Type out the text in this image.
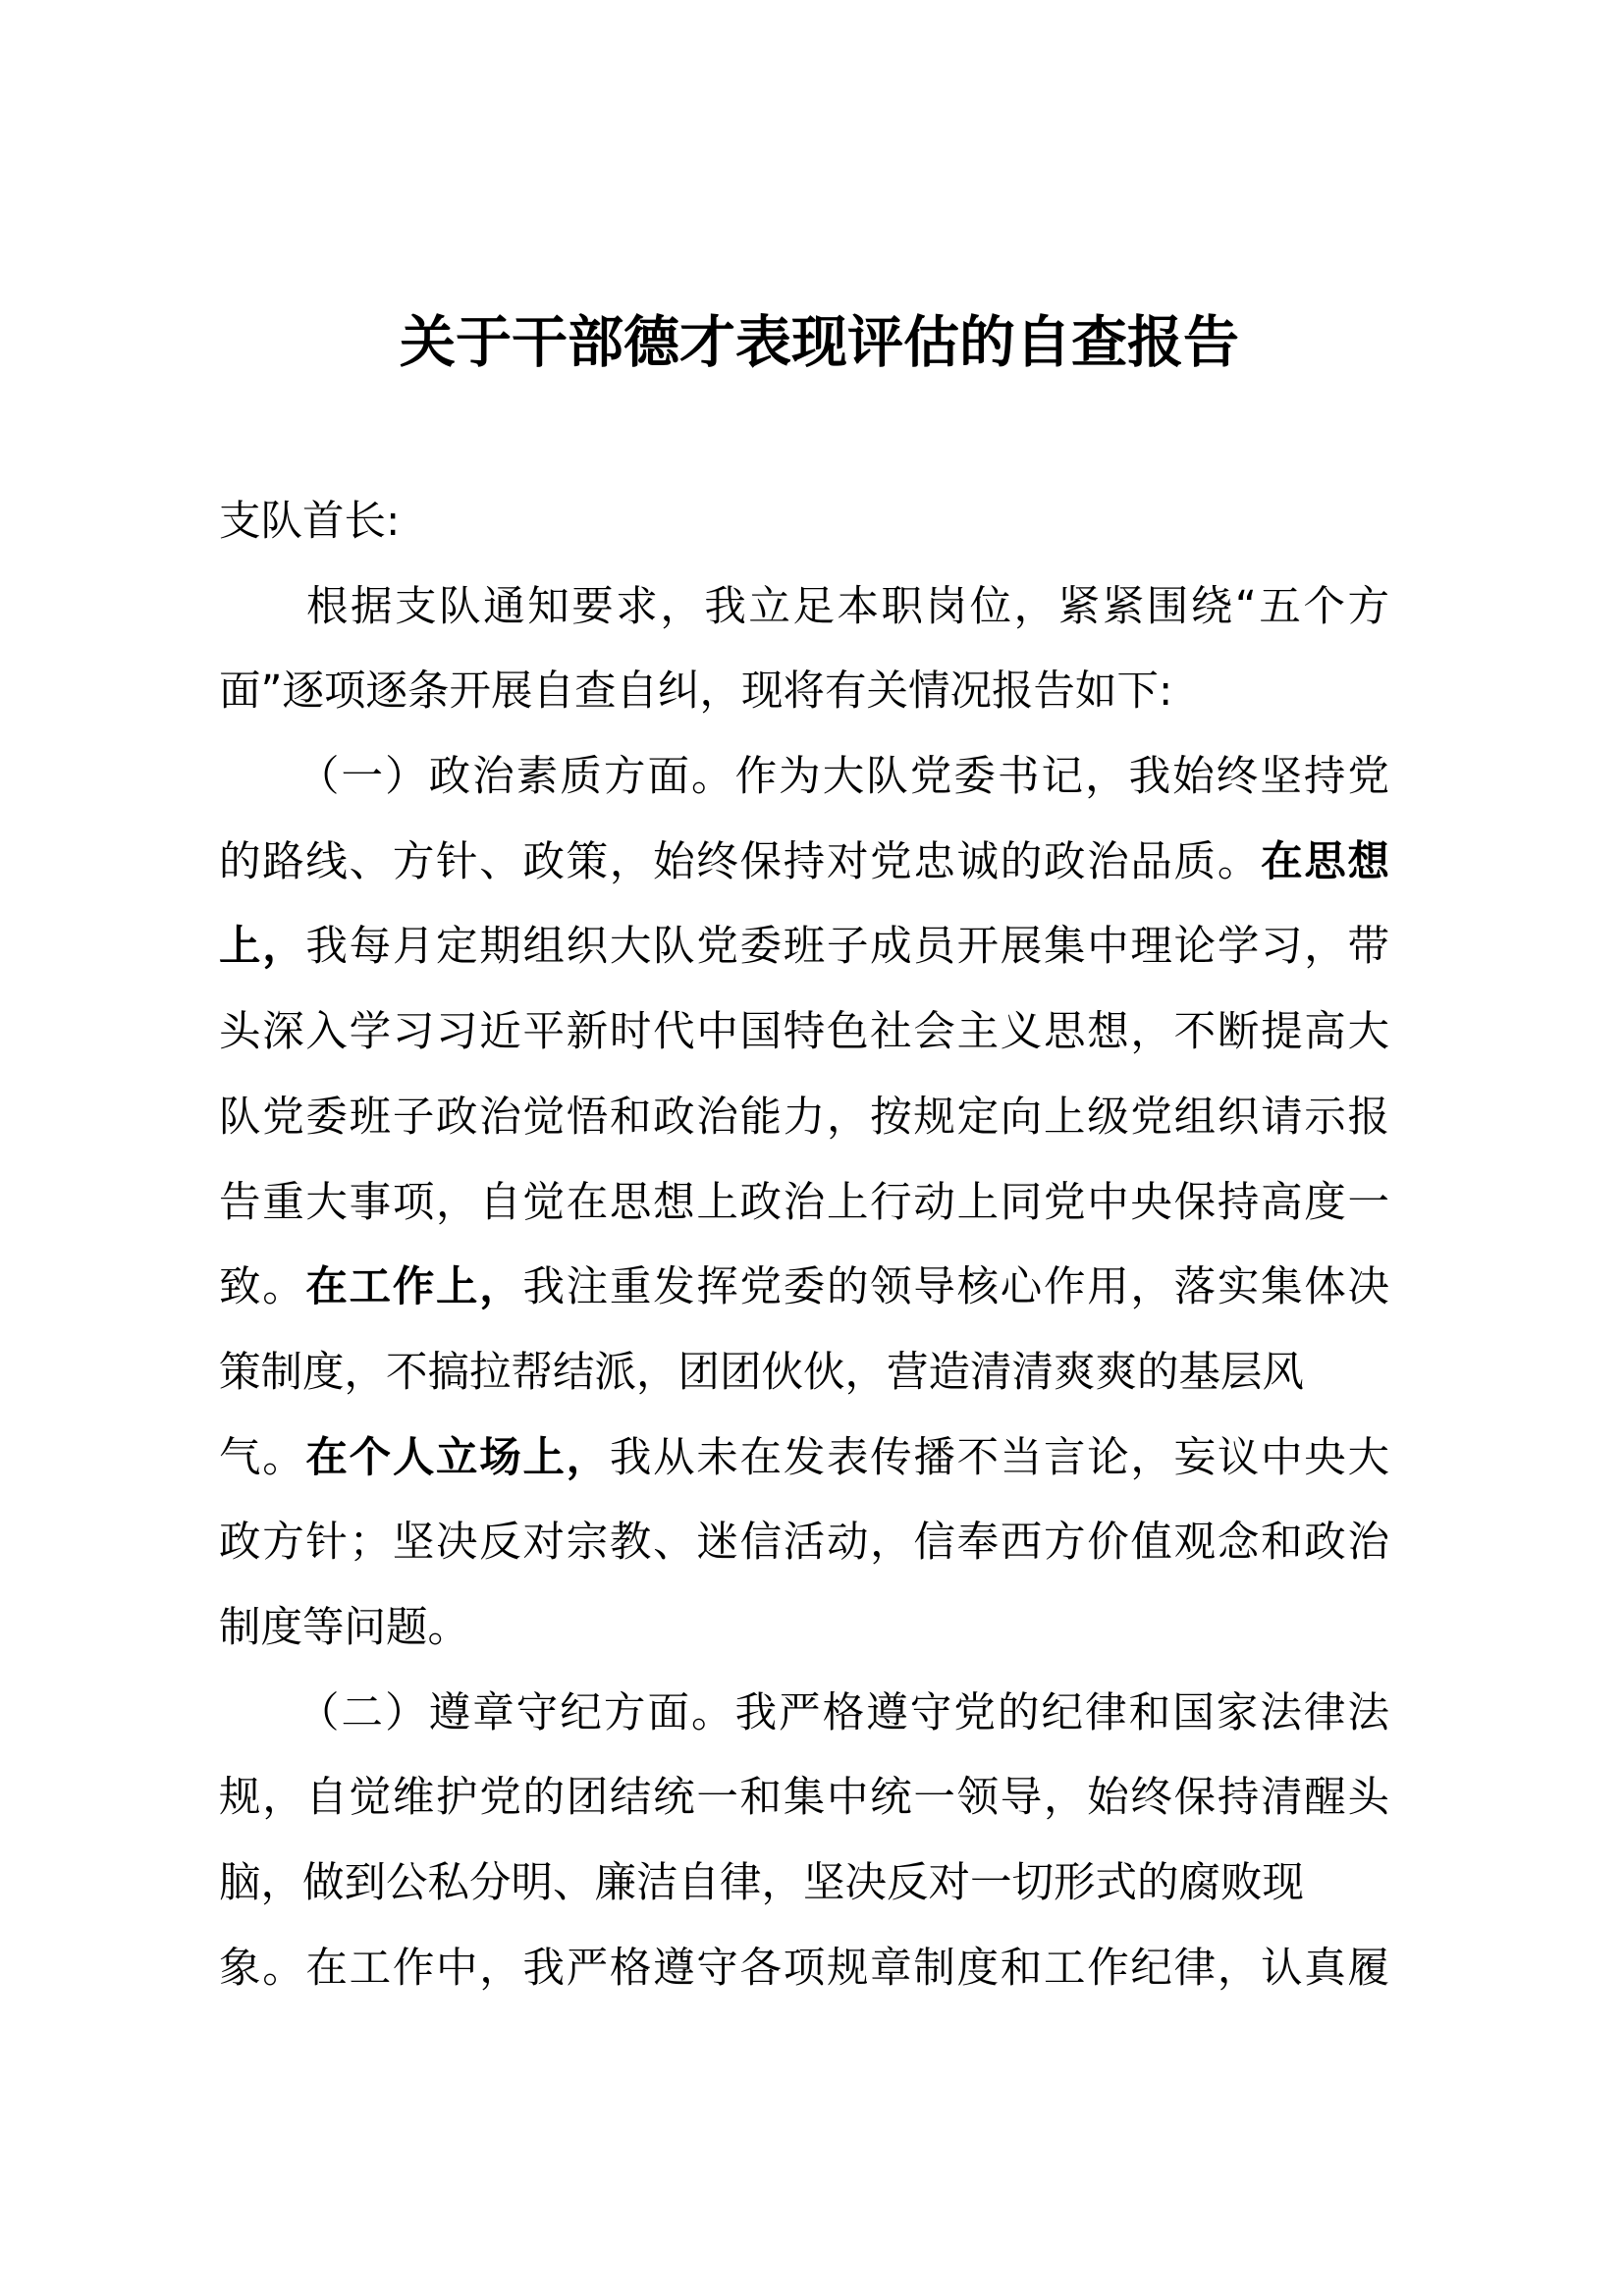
关于干部德才表现评估的自查报告
支队首长:
根据支队通知要求，我立足本职岗位，紧紧围绕“五个方
面”逐项逐条开展自查自纠，现将有关情况报告如下:
（一）政治素质方面。作为大队党委书记，我始终坚持党
的路线、方针、政策，始终保持对党忠诚的政治品质。在思想
上，我每月定期组织大队党委班子成员开展集中理论学习，带
头深入学习习近平新时代中国特色社会主义思想，不断提高大
队党委班子政治觉悟和政治能力，按规定向上级党组织请示报
告重大事项，自觉在思想上政治上行动上同党中央保持高度一
致。在工作上，我注重发挥党委的领导核心作用，落实集体决
策制度，不搞拉帮结派，团团伙伙，营造清清爽爽的基层风
气。在个人立场上，我从未在发表传播不当言论，妄议中央大
政方针；坚决反对宗教、迷信活动，信奉西方价值观念和政治
制度等问题。
（二）遵章守纪方面。我严格遵守党的纪律和国家法律法
规，自觉维护党的团结统一和集中统一领导，始终保持清醒头
脑，做到公私分明、廉洁自律，坚决反对一切形式的腐败现
象。在工作中，我严格遵守各项规章制度和工作纪律，认真履
